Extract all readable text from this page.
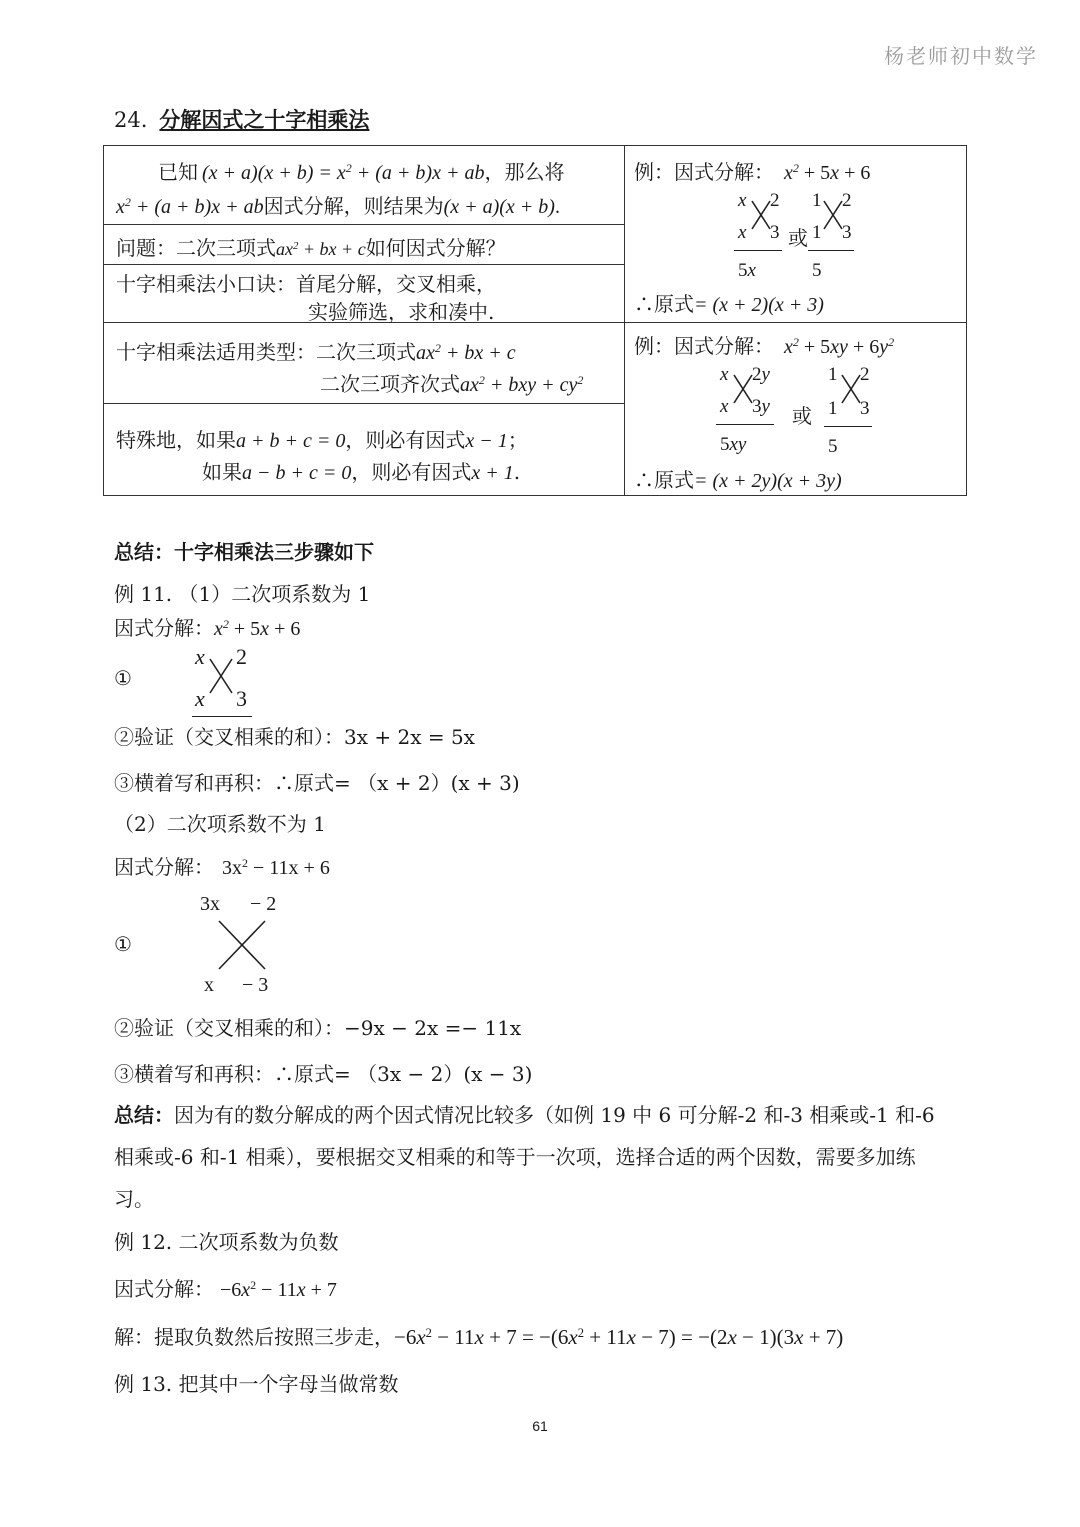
杨老师初中数学
24. 分解因式之十字相乘法
已知 $(x + a)(x + b) = x^2 + (a + b)x$ + ab，那么将
$x^2 + (a + b)x$ + ab因式分解，则结果为(x + a)(x + b).
问题：二次三项式$ax^2$ + bx + c如何因式分解？
十字相乘法小口诀：首尾分解，交叉相乘，
实验筛选，求和凑中.
十字相乘法适用类型：二次三项式$ax^2$ + bx + c
二次三项齐次式$ax^2$ + bxy + $cy^2$
特殊地，如果a + b + c = 0，则必有因式x − 1；
如果a − b + c = 0，则必有因式x + 1.
例：因式分解： $x^2 + 5x + 6$
x 2
x 3
5x
或
1 2
1 3
5
∴原式= (x + 2)(x + 3)
例：因式分解： $x^2 + 5xy + 6y^2$
x 2y
x 3y
5xy
或
1 2
1 3
5
∴原式= (x + 2y)(x + 3y)
总结：十字相乘法三步骤如下
例 11. （1）二次项系数为 1
因式分解：$x^2 + 5x + 6$
①
x 2
x 3
②验证（交叉相乘的和）：3x + 2x = 5x
③横着写和再积：∴原式= （x + 2）(x + 3)
（2）二次项系数不为 1
因式分解： $3x^2 - 11x + 6$
3x − 2
①
x − 3
②验证（交叉相乘的和）：−9x − 2x =− 11x
③横着写和再积：∴原式= （3x − 2）(x − 3)
总结：因为有的数分解成的两个因式情况比较多（如例 19 中 6 可分解-2 和-3 相乘或-1 和-6
相乘或-6 和-1 相乘），要根据交叉相乘的和等于一次项，选择合适的两个因数，需要多加练
习。
例 12. 二次项系数为负数
因式分解： $-6x^2 - 11x + 7$
解：提取负数然后按照三步走，$-6x^2 - 11x + 7 = -(6x^2 + 11x - 7) = -(2x - 1)(3x + 7)$
例 13. 把其中一个字母当做常数
61
